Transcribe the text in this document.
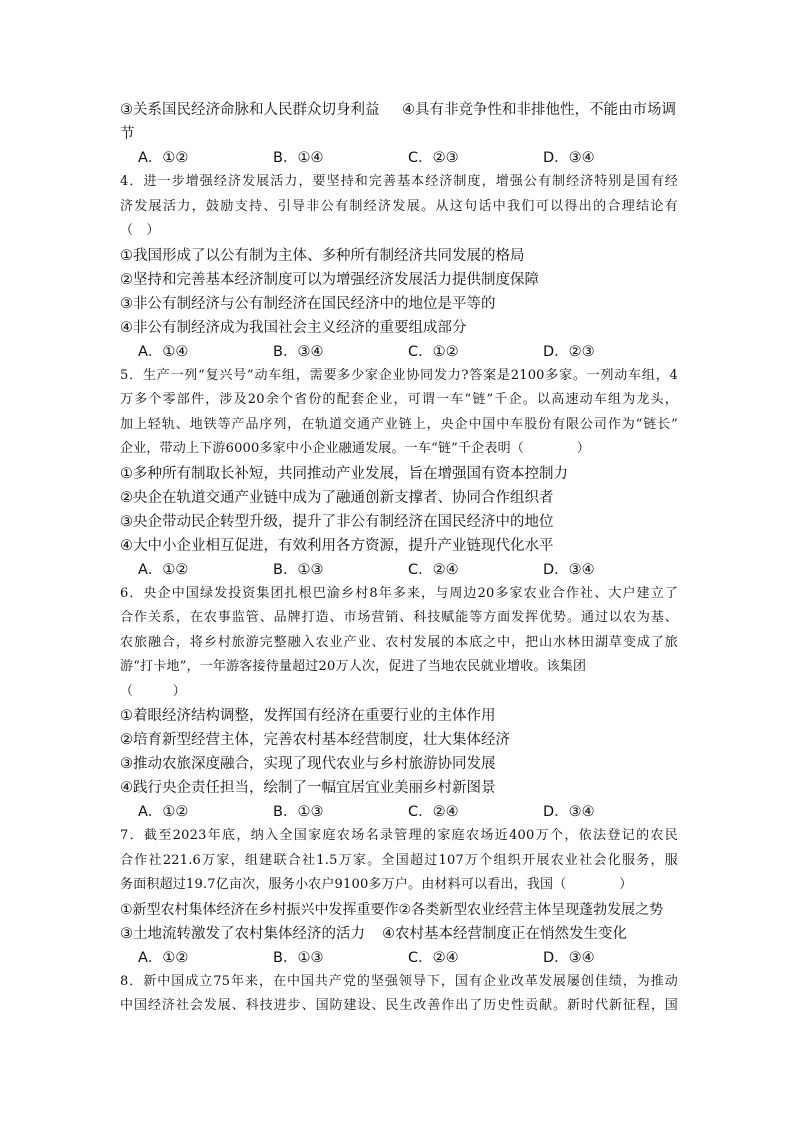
③关系国民经济命脉和人民群众切身利益	④具有非竞争性和非排他性，不能由市场调
节
A．①②	B．①④	C．②③	D．③④
4．进一步增强经济发展活力，要坚持和完善基本经济制度，增强公有制经济特别是国有经
济发展活力，鼓励支持、引导非公有制经济发展。从这句话中我们可以得出的合理结论有
（　）
①我国形成了以公有制为主体、多种所有制经济共同发展的格局
②坚持和完善基本经济制度可以为增强经济发展活力提供制度保障
③非公有制经济与公有制经济在国民经济中的地位是平等的
④非公有制经济成为我国社会主义经济的重要组成部分
A．①④	B．③④	C．①②	D．②③
5．生产一列“复兴号”动车组，需要多少家企业协同发力?答案是2100多家。一列动车组，4
万多个零部件，涉及20余个省份的配套企业，可谓一车“链”千企。以高速动车组为龙头，
加上轻轨、地铁等产品序列，在轨道交通产业链上，央企中国中车股份有限公司作为“链长”
企业，带动上下游6000多家中小企业融通发展。一车“链”千企表明（　　　　）
①多种所有制取长补短，共同推动产业发展，旨在增强国有资本控制力
②央企在轨道交通产业链中成为了融通创新支撑者、协同合作组织者
③央企带动民企转型升级，提升了非公有制经济在国民经济中的地位
④大中小企业相互促进，有效利用各方资源，提升产业链现代化水平
A．①②	B．①③	C．②④	D．③④
6．央企中国绿发投资集团扎根巴渝乡村8年多来，与周边20多家农业合作社、大户建立了
合作关系，在农事监管、品牌打造、市场营销、科技赋能等方面发挥优势。通过以农为基、
农旅融合，将乡村旅游完整融入农业产业、农村发展的本底之中，把山水林田湖草变成了旅
游“打卡地”，一年游客接待量超过20万人次，促进了当地农民就业增收。该集团
（　　　）
①着眼经济结构调整，发挥国有经济在重要行业的主体作用
②培育新型经营主体，完善农村基本经营制度，壮大集体经济
③推动农旅深度融合，实现了现代农业与乡村旅游协同发展
④践行央企责任担当，绘制了一幅宜居宜业美丽乡村新图景
A．①②	B．①③	C．②④	D．③④
7．截至2023年底，纳入全国家庭农场名录管理的家庭农场近400万个，依法登记的农民
合作社221.6万家，组建联合社1.5万家。全国超过107万个组织开展农业社会化服务，服
务面积超过19.7亿亩次，服务小农户9100多万户。由材料可以看出，我国（　　　　）
①新型农村集体经济在乡村振兴中发挥重要作②各类新型农业经营主体呈现蓬勃发展之势
③土地流转激发了农村集体经济的活力	④农村基本经营制度正在悄然发生变化
A．①②	B．①③	C．②④	D．③④
8．新中国成立75年来，在中国共产党的坚强领导下，国有企业改革发展屡创佳绩，为推动
中国经济社会发展、科技进步、国防建设、民生改善作出了历史性贡献。新时代新征程，国
